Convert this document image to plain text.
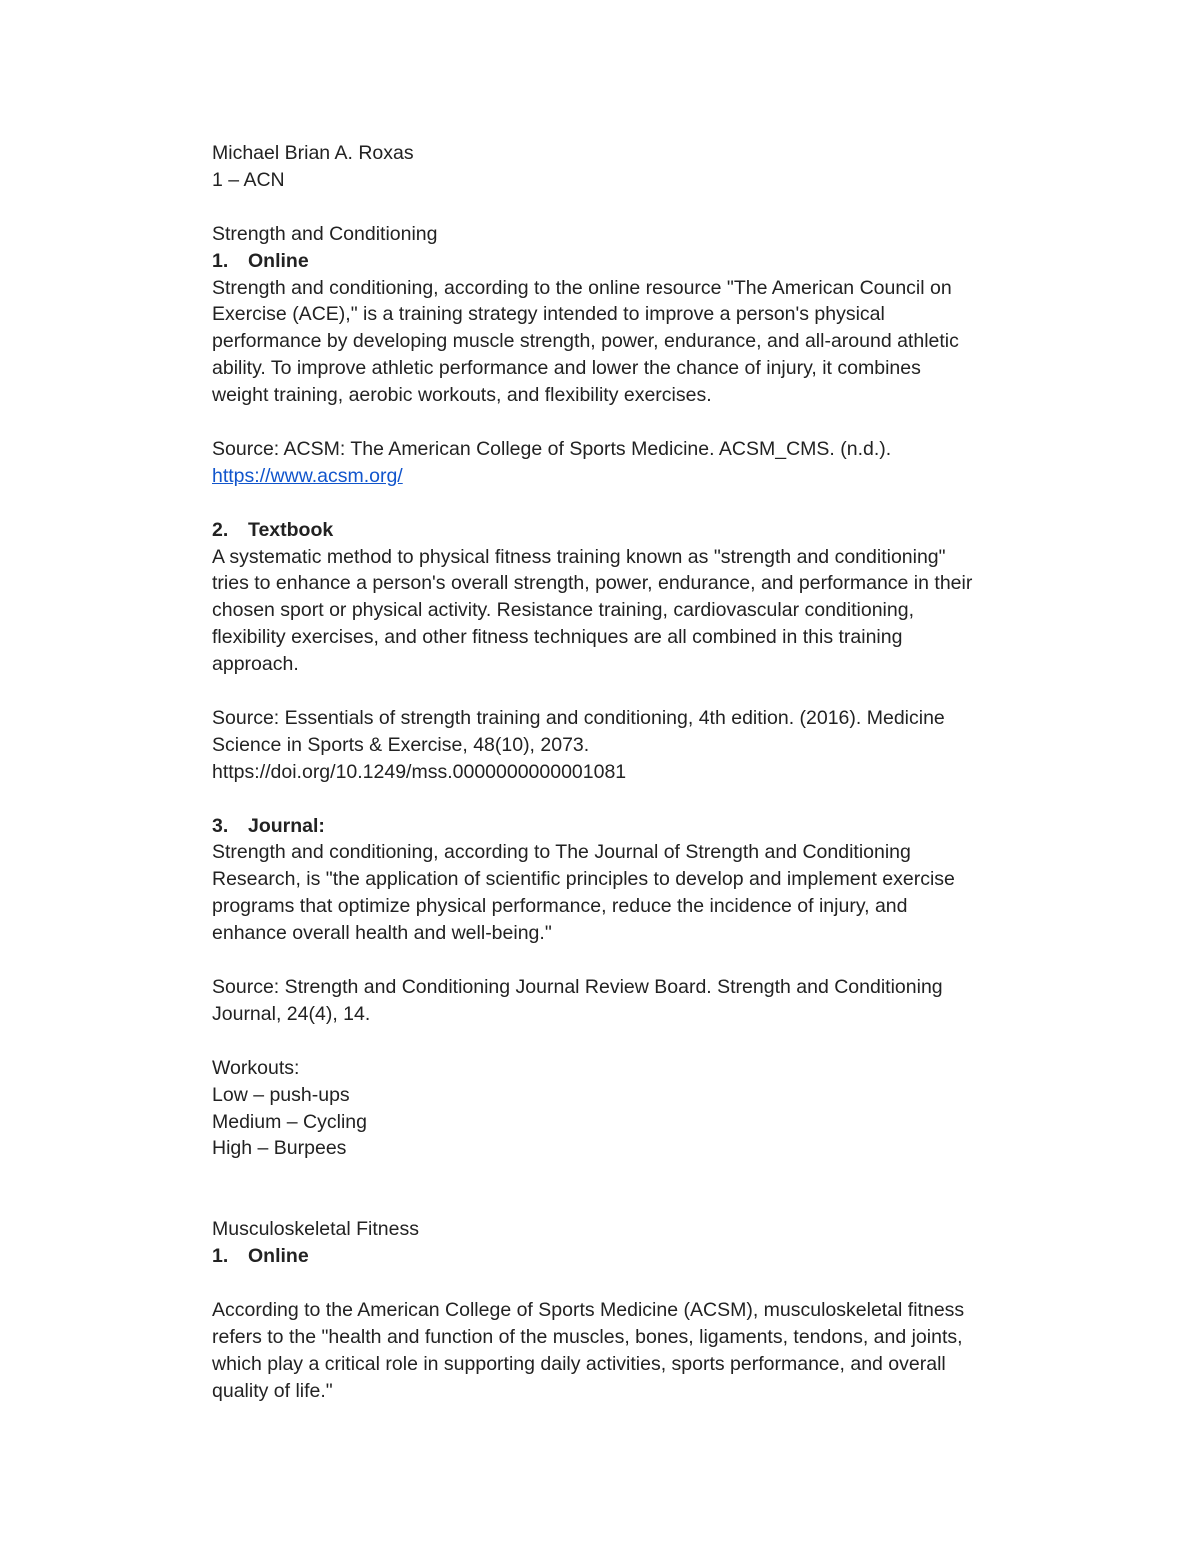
Michael Brian A. Roxas
1 – ACN
Strength and Conditioning
1. Online
Strength and conditioning, according to the online resource "The American Council on
Exercise (ACE)," is a training strategy intended to improve a person's physical
performance by developing muscle strength, power, endurance, and all-around athletic
ability. To improve athletic performance and lower the chance of injury, it combines
weight training, aerobic workouts, and flexibility exercises.
Source: ACSM: The American College of Sports Medicine. ACSM_CMS. (n.d.).
https://www.acsm.org/
2. Textbook
A systematic method to physical fitness training known as "strength and conditioning"
tries to enhance a person's overall strength, power, endurance, and performance in their
chosen sport or physical activity. Resistance training, cardiovascular conditioning,
flexibility exercises, and other fitness techniques are all combined in this training
approach.
Source: Essentials of strength training and conditioning, 4th edition. (2016). Medicine
Science in Sports & Exercise, 48(10), 2073.
https://doi.org/10.1249/mss.0000000000001081
3. Journal:
Strength and conditioning, according to The Journal of Strength and Conditioning
Research, is "the application of scientific principles to develop and implement exercise
programs that optimize physical performance, reduce the incidence of injury, and
enhance overall health and well-being."
Source: Strength and Conditioning Journal Review Board. Strength and Conditioning
Journal, 24(4), 14.
Workouts:
Low – push-ups
Medium – Cycling
High – Burpees
Musculoskeletal Fitness
1. Online
According to the American College of Sports Medicine (ACSM), musculoskeletal fitness
refers to the "health and function of the muscles, bones, ligaments, tendons, and joints,
which play a critical role in supporting daily activities, sports performance, and overall
quality of life."
